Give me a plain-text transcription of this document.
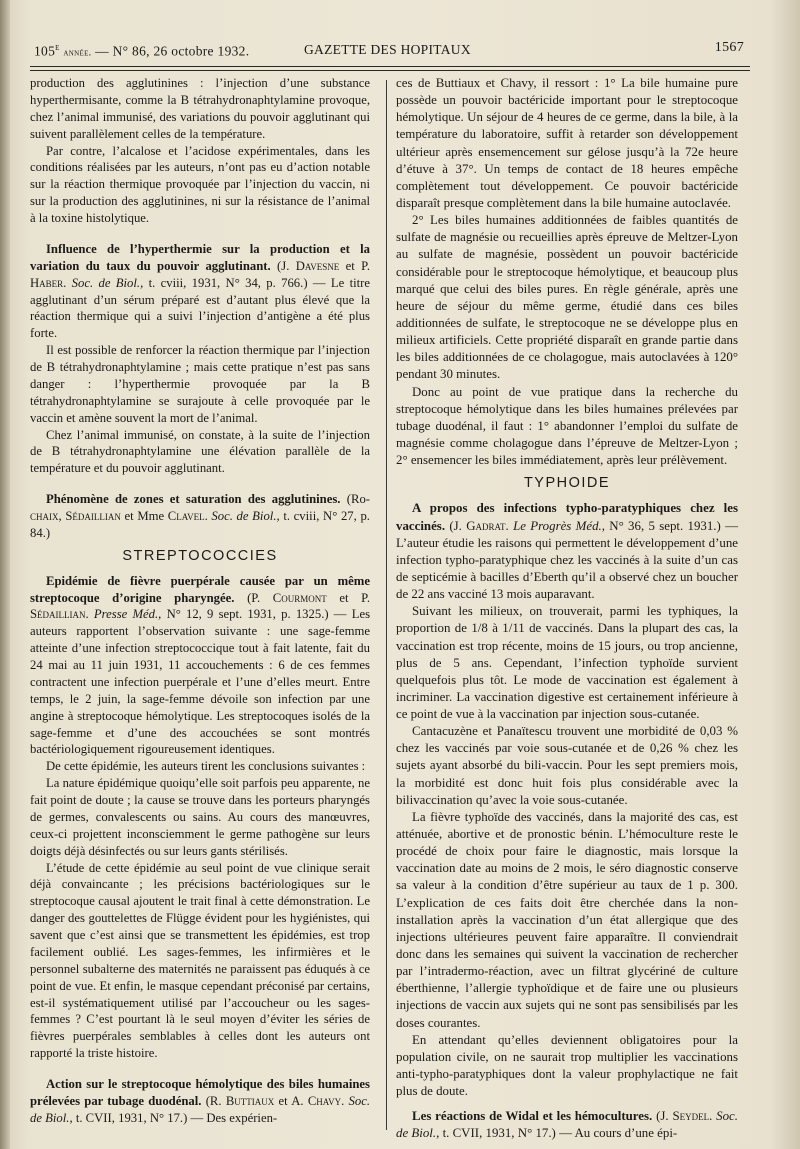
105e année. — N° 86, 26 octobre 1932.	GAZETTE DES HOPITAUX	1567

production des agglutinines : l’injection d’une substance hyperthermisante, comme la B tétrahydronaphtylamine provoque, chez l’animal immunisé, des variations du pouvoir agglutinant qui suivent parallèlement celles de la température.

Par contre, l’alcalose et l’acidose expérimentales, dans les conditions réalisées par les auteurs, n’ont pas eu d’action notable sur la réaction thermique provoquée par l’injection du vaccin, ni sur la production des agglutinines, ni sur la résistance de l’animal à la toxine histolytique.

Influence de l’hyperthermie sur la production et la variation du taux du pouvoir agglutinant. (J. Davesne et P. Haber. Soc. de Biol., t. cviii, 1931, N° 34, p. 766.) — Le titre agglutinant d’un sérum préparé est d’autant plus élevé que la réaction thermique qui a suivi l’injection d’antigène a été plus forte.

Il est possible de renforcer la réaction thermique par l’injection de B tétrahydronaphtylamine ; mais cette pratique n’est pas sans danger : l’hyperthermie provoquée par la B tétrahydronaphtylamine se surajoute à celle provoquée par le vaccin et amène souvent la mort de l’animal.

Chez l’animal immunisé, on constate, à la suite de l’injection de B tétrahydronaphtylamine une élévation parallèle de la température et du pouvoir agglutinant.

Phénomène de zones et saturation des agglutinines. (Ro-chaix, Sédaillian et Mme Clavel. Soc. de Biol., t. cviii, N° 27, p. 84.)

STREPTOCOCCIES

Epidémie de fièvre puerpérale causée par un même streptocoque d’origine pharyngée. (P. Courmont et P. Sédaillian. Presse Méd., N° 12, 9 sept. 1931, p. 1325.) — Les auteurs rapportent l’observation suivante : une sage-femme atteinte d’une infection streptococcique tout à fait latente, fait du 24 mai au 11 juin 1931, 11 accouchements : 6 de ces femmes contractent une infection puerpérale et l’une d’elles meurt. Entre temps, le 2 juin, la sage-femme dévoile son infection par une angine à streptocoque hémolytique. Les streptocoques isolés de la sage-femme et d’une des accouchées se sont montrés bactériologiquement rigoureusement identiques.

De cette épidémie, les auteurs tirent les conclusions suivantes :

La nature épidémique quoiqu’elle soit parfois peu apparente, ne fait point de doute ; la cause se trouve dans les porteurs pharyngés de germes, convalescents ou sains. Au cours des manœuvres, ceux-ci projettent inconsciemment le germe pathogène sur leurs doigts déjà désinfectés ou sur leurs gants stérilisés.

L’étude de cette épidémie au seul point de vue clinique serait déjà convaincante ; les précisions bactériologiques sur le streptocoque causal ajoutent le trait final à cette démonstration. Le danger des gouttelettes de Flügge évident pour les hygiénistes, qui savent que c’est ainsi que se transmettent les épidémies, est trop facilement oublié. Les sages-femmes, les infirmières et le personnel subalterne des maternités ne paraissent pas éduqués à ce point de vue. Et enfin, le masque cependant préconisé par certains, est-il systématiquement utilisé par l’accoucheur ou les sages-femmes ? C’est pourtant là le seul moyen d’éviter les séries de fièvres puerpérales semblables à celles dont les auteurs ont rapporté la triste histoire.

Action sur le streptocoque hémolytique des biles humaines prélevées par tubage duodénal. (R. Buttiaux et A. Chavy. Soc. de Biol., t. CVII, 1931, N° 17.) — Des expérien-

ces de Buttiaux et Chavy, il ressort : 1° La bile humaine pure possède un pouvoir bactéricide important pour le streptocoque hémolytique. Un séjour de 4 heures de ce germe, dans la bile, à la température du laboratoire, suffit à retarder son développement ultérieur après ensemencement sur gélose jusqu’à la 72e heure d’étuve à 37°. Un temps de contact de 18 heures empêche complètement tout développement. Ce pouvoir bactéricide disparaît presque complètement dans la bile humaine autoclavée.

2° Les biles humaines additionnées de faibles quantités de sulfate de magnésie ou recueillies après épreuve de Meltzer-Lyon au sulfate de magnésie, possèdent un pouvoir bactéricide considérable pour le streptocoque hémolytique, et beaucoup plus marqué que celui des biles pures. En règle générale, après une heure de séjour du même germe, étudié dans ces biles additionnées de sulfate, le streptocoque ne se développe plus en milieux artificiels. Cette propriété disparaît en grande partie dans les biles additionnées de ce cholagogue, mais autoclavées à 120° pendant 30 minutes.

Donc au point de vue pratique dans la recherche du streptocoque hémolytique dans les biles humaines prélevées par tubage duodénal, il faut : 1° abandonner l’emploi du sulfate de magnésie comme cholagogue dans l’épreuve de Meltzer-Lyon ; 2° ensemencer les biles immédiatement, après leur prélèvement.

TYPHOIDE

A propos des infections typho-paratyphiques chez les vaccinés. (J. Gadrat. Le Progrès Méd., N° 36, 5 sept. 1931.) — L’auteur étudie les raisons qui permettent le développement d’une infection typho-paratyphique chez les vaccinés à la suite d’un cas de septicémie à bacilles d’Eberth qu’il a observé chez un boucher de 22 ans vacciné 13 mois auparavant.

Suivant les milieux, on trouverait, parmi les typhiques, la proportion de 1/8 à 1/11 de vaccinés. Dans la plupart des cas, la vaccination est trop récente, moins de 15 jours, ou trop ancienne, plus de 5 ans. Cependant, l’infection typhoïde survient quelquefois plus tôt. Le mode de vaccination est également à incriminer. La vaccination digestive est certainement inférieure à ce point de vue à la vaccination par injection sous-cutanée.

Cantacuzène et Panaïtescu trouvent une morbidité de 0,03 % chez les vaccinés par voie sous-cutanée et de 0,26 % chez les sujets ayant absorbé du bili-vaccin. Pour les sept premiers mois, la morbidité est donc huit fois plus considérable avec la bilivaccination qu’avec la voie sous-cutanée.

La fièvre typhoïde des vaccinés, dans la majorité des cas, est atténuée, abortive et de pronostic bénin. L’hémoculture reste le procédé de choix pour faire le diagnostic, mais lorsque la vaccination date au moins de 2 mois, le séro diagnostic conserve sa valeur à la condition d’être supérieur au taux de 1 p. 300. L’explication de ces faits doit être cherchée dans la non-installation après la vaccination d’un état allergique que des injections ultérieures peuvent faire apparaître. Il conviendrait donc dans les semaines qui suivent la vaccination de rechercher par l’intradermo-réaction, avec un filtrat glycériné de culture éberthienne, l’allergie typhoïdique et de faire une ou plusieurs injections de vaccin aux sujets qui ne sont pas sensibilisés par les doses courantes.

En attendant qu’elles deviennent obligatoires pour la population civile, on ne saurait trop multiplier les vaccinations anti-typho-paratyphiques dont la valeur prophylactique ne fait plus de doute.

Les réactions de Widal et les hémocultures. (J. Seydel. Soc. de Biol., t. CVII, 1931, N° 17.) — Au cours d’une épi-
